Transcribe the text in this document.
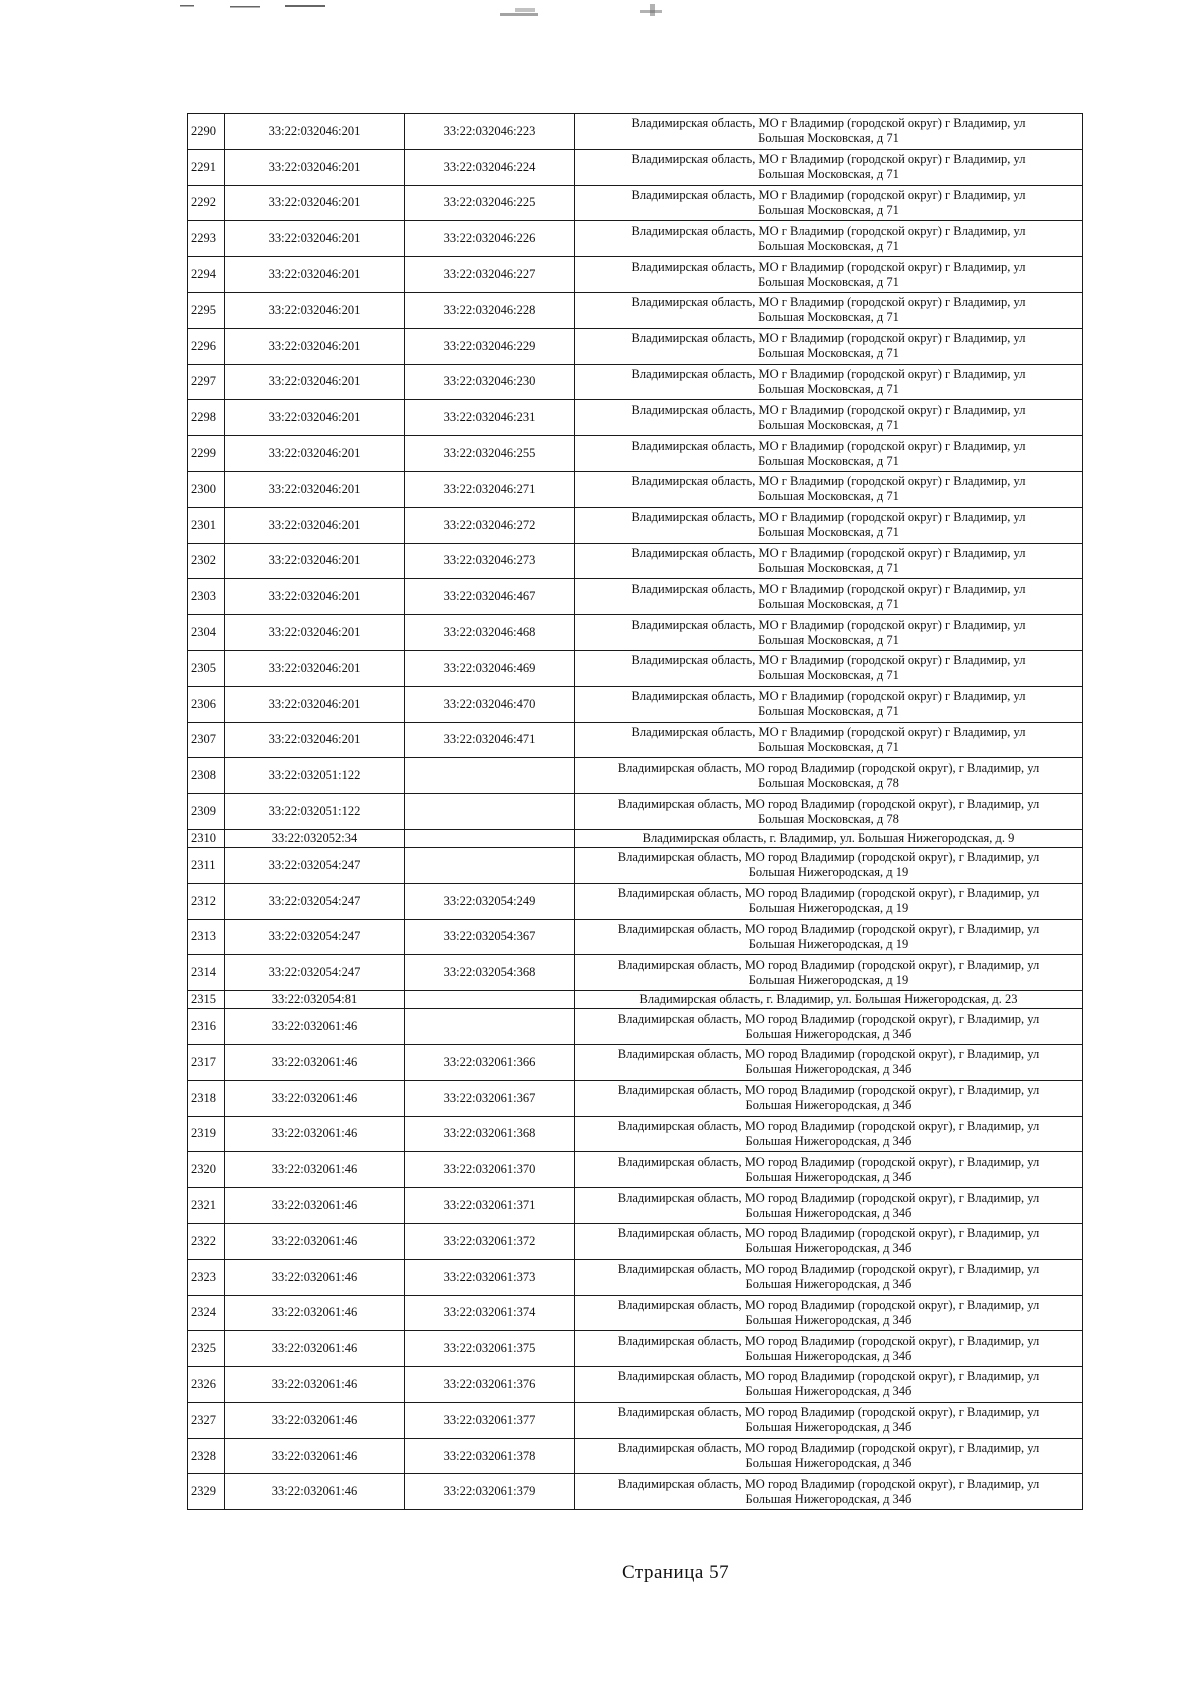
2290	33:22:032046:201	33:22:032046:223	Владимирская область, МО г Владимир (городской округ) г Владимир, ул
Большая Московская, д 71

2291	33:22:032046:201	33:22:032046:224	Владимирская область, МО г Владимир (городской округ) г Владимир, ул
Большая Московская, д 71

2292	33:22:032046:201	33:22:032046:225	Владимирская область, МО г Владимир (городской округ) г Владимир, ул
Большая Московская, д 71

2293	33:22:032046:201	33:22:032046:226	Владимирская область, МО г Владимир (городской округ) г Владимир, ул
Большая Московская, д 71

2294	33:22:032046:201	33:22:032046:227	Владимирская область, МО г Владимир (городской округ) г Владимир, ул
Большая Московская, д 71

2295	33:22:032046:201	33:22:032046:228	Владимирская область, МО г Владимир (городской округ) г Владимир, ул
Большая Московская, д 71

2296	33:22:032046:201	33:22:032046:229	Владимирская область, МО г Владимир (городской округ) г Владимир, ул
Большая Московская, д 71

2297	33:22:032046:201	33:22:032046:230	Владимирская область, МО г Владимир (городской округ) г Владимир, ул
Большая Московская, д 71

2298	33:22:032046:201	33:22:032046:231	Владимирская область, МО г Владимир (городской округ) г Владимир, ул
Большая Московская, д 71

2299	33:22:032046:201	33:22:032046:255	Владимирская область, МО г Владимир (городской округ) г Владимир, ул
Большая Московская, д 71

2300	33:22:032046:201	33:22:032046:271	Владимирская область, МО г Владимир (городской округ) г Владимир, ул
Большая Московская, д 71

2301	33:22:032046:201	33:22:032046:272	Владимирская область, МО г Владимир (городской округ) г Владимир, ул
Большая Московская, д 71

2302	33:22:032046:201	33:22:032046:273	Владимирская область, МО г Владимир (городской округ) г Владимир, ул
Большая Московская, д 71

2303	33:22:032046:201	33:22:032046:467	Владимирская область, МО г Владимир (городской округ) г Владимир, ул
Большая Московская, д 71

2304	33:22:032046:201	33:22:032046:468	Владимирская область, МО г Владимир (городской округ) г Владимир, ул
Большая Московская, д 71

2305	33:22:032046:201	33:22:032046:469	Владимирская область, МО г Владимир (городской округ) г Владимир, ул
Большая Московская, д 71

2306	33:22:032046:201	33:22:032046:470	Владимирская область, МО г Владимир (городской округ) г Владимир, ул
Большая Московская, д 71

2307	33:22:032046:201	33:22:032046:471	Владимирская область, МО г Владимир (городской округ) г Владимир, ул
Большая Московская, д 71

2308	33:22:032051:122		Владимирская область, МО город Владимир (городской округ), г Владимир, ул
Большая Московская, д 78

2309	33:22:032051:122		Владимирская область, МО город Владимир (городской округ), г Владимир, ул
Большая Московская, д 78

2310	33:22:032052:34		Владимирская область, г. Владимир, ул. Большая Нижегородская, д. 9

2311	33:22:032054:247		Владимирская область, МО город Владимир (городской округ), г Владимир, ул
Большая Нижегородская, д 19

2312	33:22:032054:247	33:22:032054:249	Владимирская область, МО город Владимир (городской округ), г Владимир, ул
Большая Нижегородская, д 19

2313	33:22:032054:247	33:22:032054:367	Владимирская область, МО город Владимир (городской округ), г Владимир, ул
Большая Нижегородская, д 19

2314	33:22:032054:247	33:22:032054:368	Владимирская область, МО город Владимир (городской округ), г Владимир, ул
Большая Нижегородская, д 19

2315	33:22:032054:81		Владимирская область, г. Владимир, ул. Большая Нижегородская, д. 23

2316	33:22:032061:46		Владимирская область, МО город Владимир (городской округ), г Владимир, ул
Большая Нижегородская, д 34б

2317	33:22:032061:46	33:22:032061:366	Владимирская область, МО город Владимир (городской округ), г Владимир, ул
Большая Нижегородская, д 34б

2318	33:22:032061:46	33:22:032061:367	Владимирская область, МО город Владимир (городской округ), г Владимир, ул
Большая Нижегородская, д 34б

2319	33:22:032061:46	33:22:032061:368	Владимирская область, МО город Владимир (городской округ), г Владимир, ул
Большая Нижегородская, д 34б

2320	33:22:032061:46	33:22:032061:370	Владимирская область, МО город Владимир (городской округ), г Владимир, ул
Большая Нижегородская, д 34б

2321	33:22:032061:46	33:22:032061:371	Владимирская область, МО город Владимир (городской округ), г Владимир, ул
Большая Нижегородская, д 34б

2322	33:22:032061:46	33:22:032061:372	Владимирская область, МО город Владимир (городской округ), г Владимир, ул
Большая Нижегородская, д 34б

2323	33:22:032061:46	33:22:032061:373	Владимирская область, МО город Владимир (городской округ), г Владимир, ул
Большая Нижегородская, д 34б

2324	33:22:032061:46	33:22:032061:374	Владимирская область, МО город Владимир (городской округ), г Владимир, ул
Большая Нижегородская, д 34б

2325	33:22:032061:46	33:22:032061:375	Владимирская область, МО город Владимир (городской округ), г Владимир, ул
Большая Нижегородская, д 34б

2326	33:22:032061:46	33:22:032061:376	Владимирская область, МО город Владимир (городской округ), г Владимир, ул
Большая Нижегородская, д 34б

2327	33:22:032061:46	33:22:032061:377	Владимирская область, МО город Владимир (городской округ), г Владимир, ул
Большая Нижегородская, д 34б

2328	33:22:032061:46	33:22:032061:378	Владимирская область, МО город Владимир (городской округ), г Владимир, ул
Большая Нижегородская, д 34б

2329	33:22:032061:46	33:22:032061:379	Владимирская область, МО город Владимир (городской округ), г Владимир, ул
Большая Нижегородская, д 34б
Страница 57
